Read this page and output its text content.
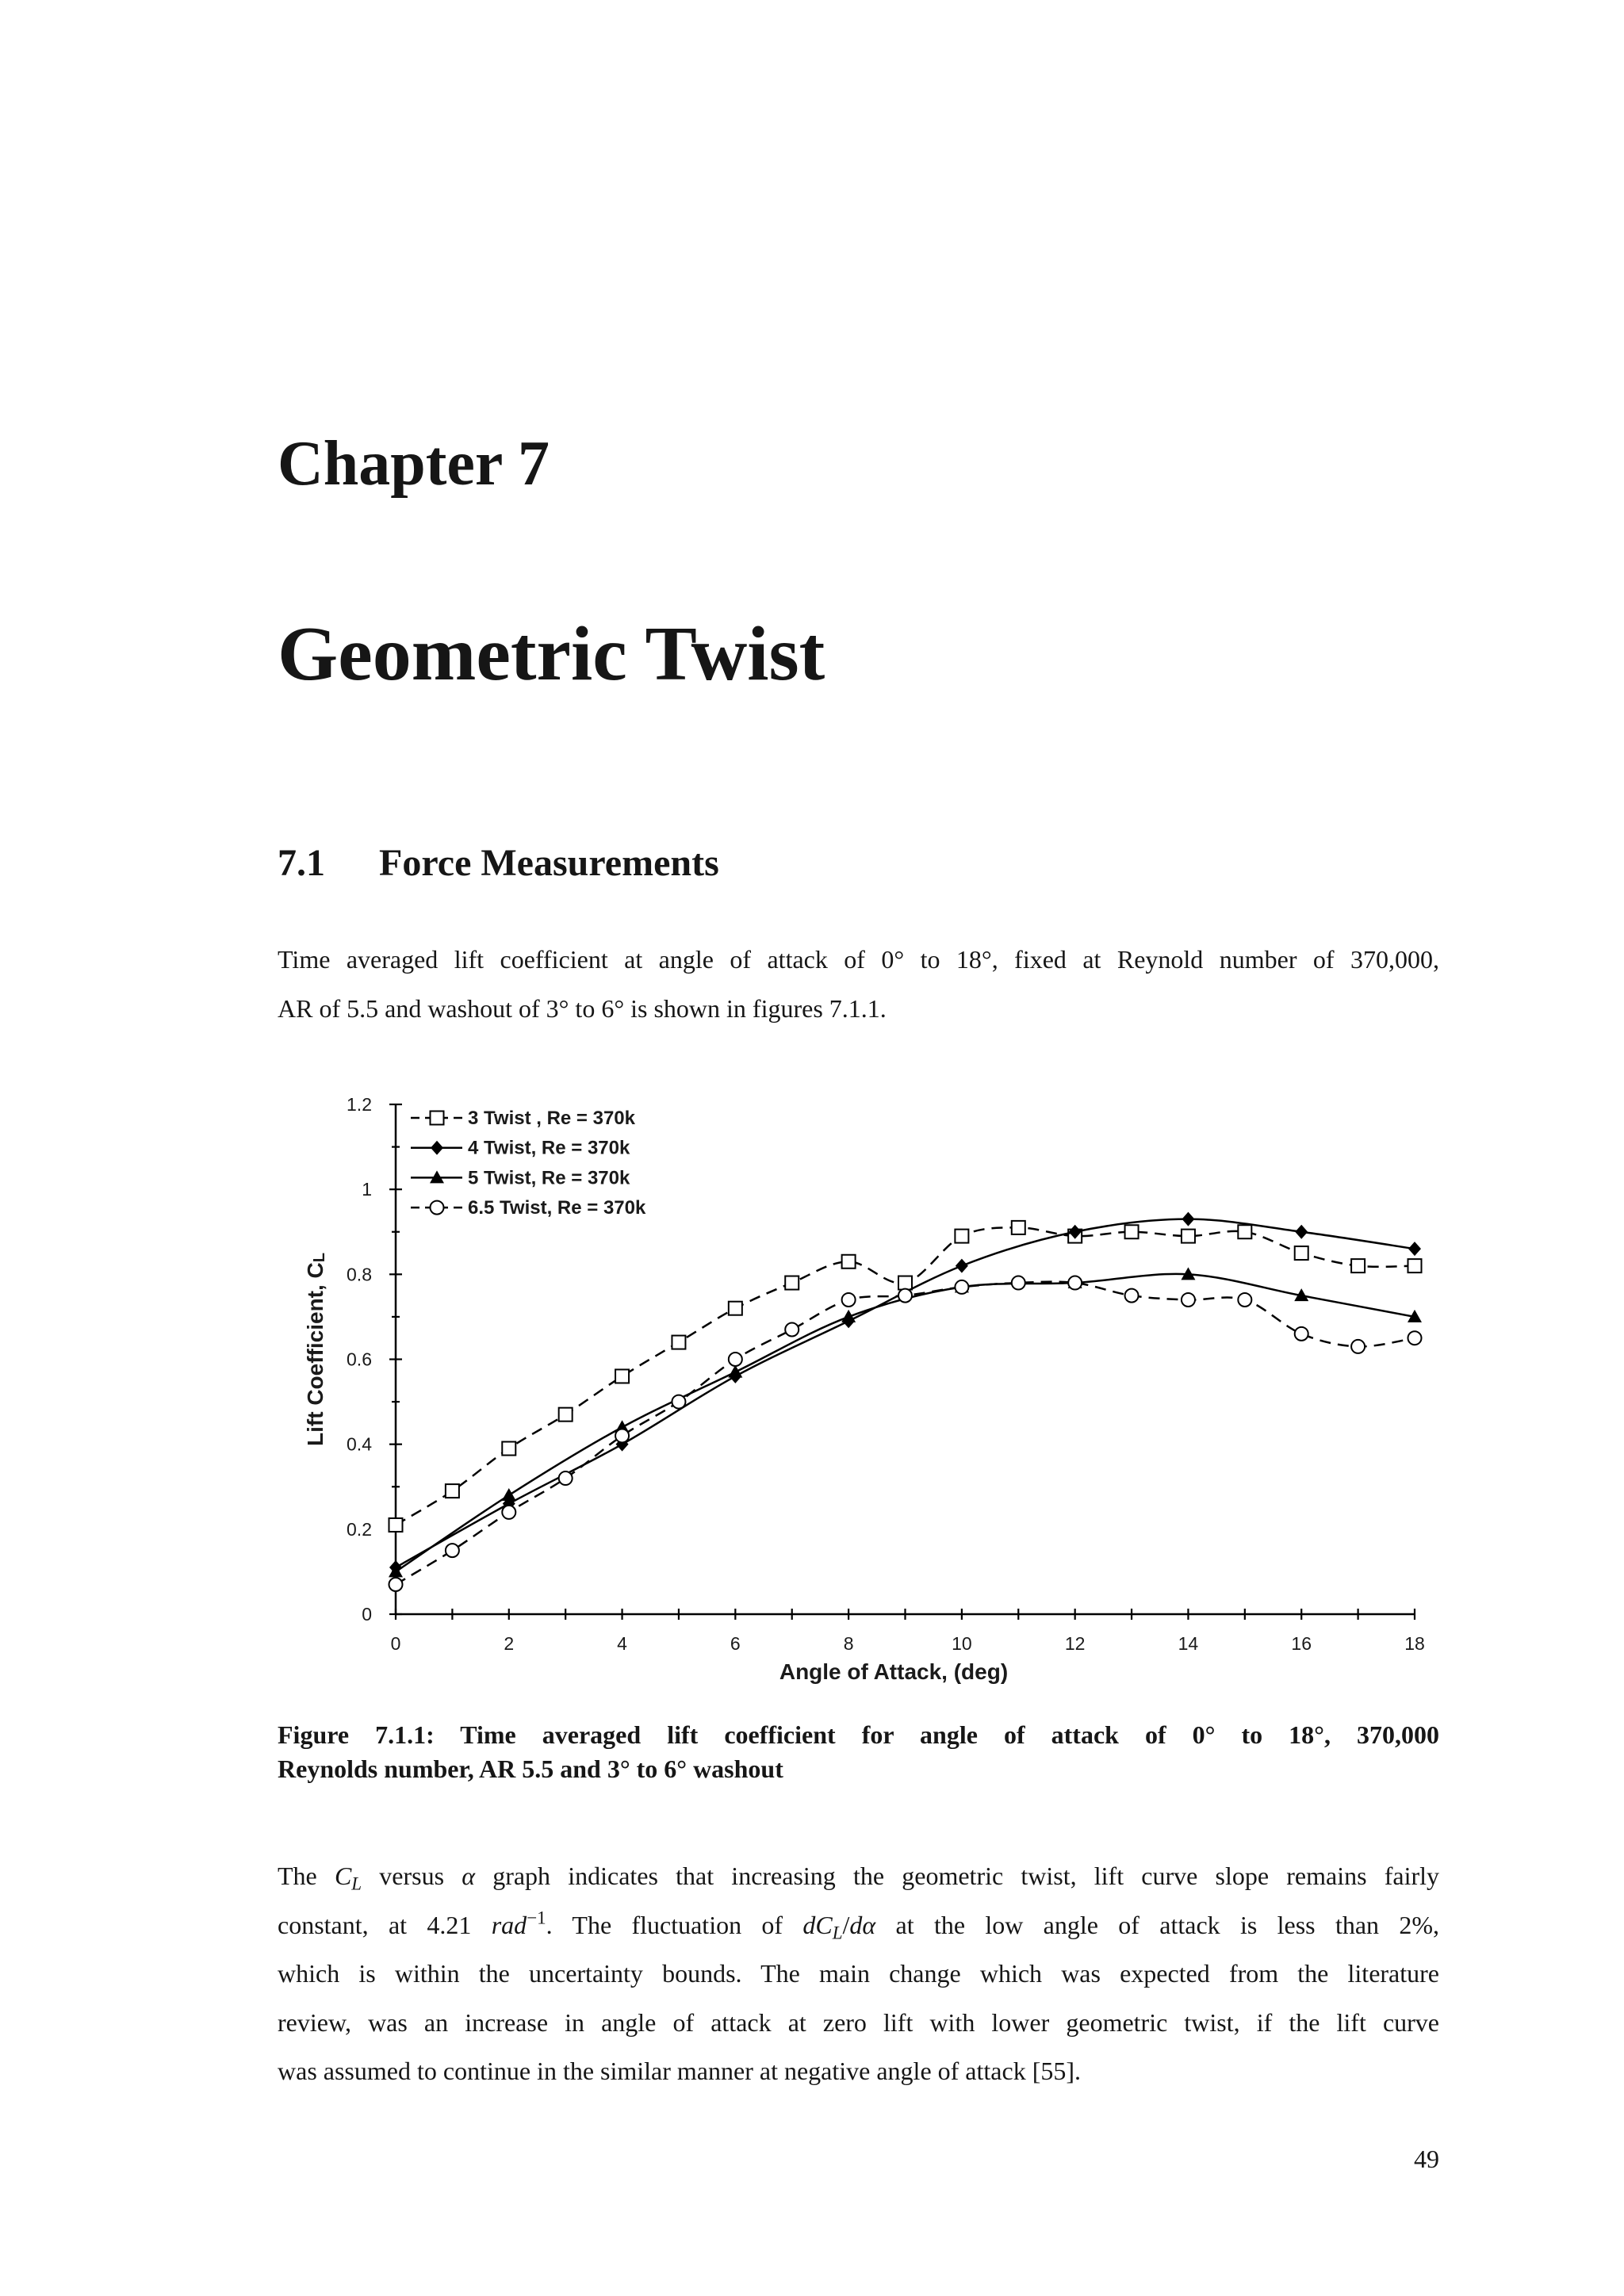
Chapter 7
Geometric Twist
7.1 Force Measurements
Time averaged lift coefficient at angle of attack of 0° to 18°, fixed at Reynold number of 370,000,
AR of 5.5 and washout of 3° to 6° is shown in figures 7.1.1.
0	2	4	6	8	10	12	14	16	18
0
0.2
0.4
0.6
0.8
1
1.2
Angle of Attack, (deg)
Lift Coefficient, $C_L$
3 Twist , Re = 370k
4 Twist, Re = 370k
5 Twist, Re = 370k
6.5 Twist, Re = 370k
Figure 7.1.1: Time averaged lift coefficient for angle of attack of 0° to 18°, 370,000
Reynolds number, AR 5.5 and 3° to 6° washout
The $C_L$ versus α graph indicates that increasing the geometric twist, lift curve slope remains fairly
constant, at 4.21 rad$^{-1}$. The fluctuation of $dC_L/d\alpha$ at the low angle of attack is less than 2%,
which is within the uncertainty bounds. The main change which was expected from the literature
review, was an increase in angle of attack at zero lift with lower geometric twist, if the lift curve
was assumed to continue in the similar manner at negative angle of attack [55].
49
